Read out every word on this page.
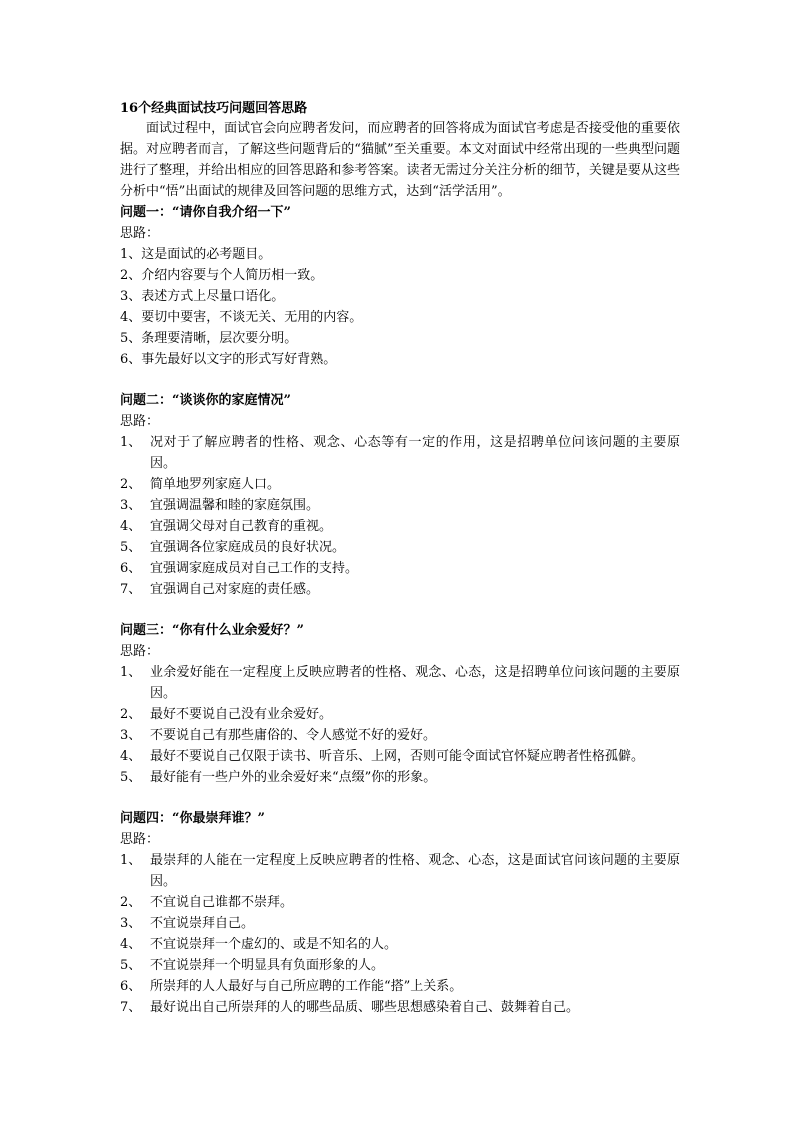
16个经典面试技巧问题回答思路

面试过程中，面试官会向应聘者发问，而应聘者的回答将成为面试官考虑是否接受他的重要依据。对应聘者而言，了解这些问题背后的“猫腻”至关重要。本文对面试中经常出现的一些典型问题进行了整理，并给出相应的回答思路和参考答案。读者无需过分关注分析的细节，关键是要从这些分析中“悟”出面试的规律及回答问题的思维方式，达到“活学活用”。

问题一：“请你自我介绍一下”
思路：
1、 这是面试的必考题目。
2、 介绍内容要与个人简历相一致。
3、 表述方式上尽量口语化。
4、 要切中要害，不谈无关、无用的内容。
5、 条理要清晰，层次要分明。
6、 事先最好以文字的形式写好背熟。
问题二：“谈谈你的家庭情况”
思路：
1、 况对于了解应聘者的性格、观念、心态等有一定的作用，这是招聘单位问该问题的主要原因。
2、 简单地罗列家庭人口。
3、 宜强调温馨和睦的家庭氛围。
4、 宜强调父母对自己教育的重视。
5、 宜强调各位家庭成员的良好状况。
6、 宜强调家庭成员对自己工作的支持。
7、 宜强调自己对家庭的责任感。
问题三：“你有什么业余爱好？”
思路：
1、 业余爱好能在一定程度上反映应聘者的性格、观念、心态，这是招聘单位问该问题的主要原因。
2、 最好不要说自己没有业余爱好。
3、 不要说自己有那些庸俗的、令人感觉不好的爱好。
4、 最好不要说自己仅限于读书、听音乐、上网，否则可能令面试官怀疑应聘者性格孤僻。
5、 最好能有一些户外的业余爱好来“点缀”你的形象。
问题四：“你最崇拜谁？”
思路：
1、 最崇拜的人能在一定程度上反映应聘者的性格、观念、心态，这是面试官问该问题的主要原因。
2、 不宜说自己谁都不崇拜。
3、 不宜说崇拜自己。
4、 不宜说崇拜一个虚幻的、或是不知名的人。
5、 不宜说崇拜一个明显具有负面形象的人。
6、 所崇拜的人人最好与自己所应聘的工作能“搭”上关系。
7、 最好说出自己所崇拜的人的哪些品质、哪些思想感染着自己、鼓舞着自己。
